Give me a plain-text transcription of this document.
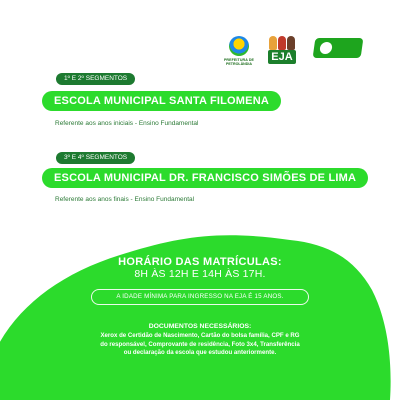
PREFEITURA DE
PETROLÂNDIA
EJA
1º E 2º SEGMENTOS
ESCOLA MUNICIPAL SANTA FILOMENA
Referente aos anos iniciais - Ensino Fundamental
3º E 4º SEGMENTOS
ESCOLA MUNICIPAL DR. FRANCISCO SIMÕES DE LIMA
Referente aos anos finais - Ensino Fundamental
HORÁRIO DAS MATRÍCULAS:
8H ÀS 12H E 14H ÀS 17H.
A IDADE MÍNIMA PARA INGRESSO NA EJA É 15 ANOS.
DOCUMENTOS NECESSÁRIOS:
Xerox de Certidão de Nascimento, Cartão do bolsa família, CPF e RG do responsável, Comprovante de residência, Foto 3x4, Transferência ou declaração da escola que estudou anteriormente.
